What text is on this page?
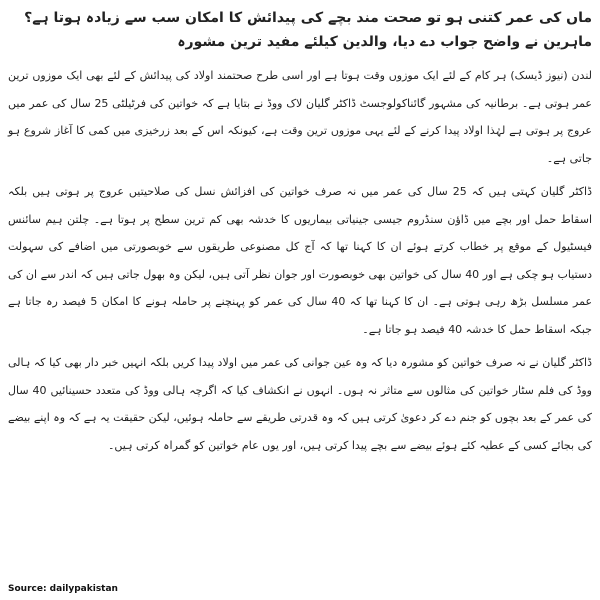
ماں کی عمر کتنی ہو تو صحت مند بچے کی پیدائش کا امکان سب سے زیادہ ہوتا ہے؟ ماہرین نے واضح جواب دے دیا، والدین کیلئے مفید ترین مشورہ

لندن (نیوز ڈیسک) ہر کام کے لئے ایک موزوں وقت ہوتا ہے اور اسی طرح صحتمند اولاد کی پیدائش کے لئے بھی ایک موزوں ترین عمر ہوتی ہے۔ برطانیہ کی مشہور گائناکولوجسٹ ڈاکٹر گلیان لاک ووڈ نے بتایا ہے کہ خواتین کی فرٹیلٹی 25 سال کی عمر میں عروج پر ہوتی ہے لہٰذا اولاد پیدا کرنے کے لئے یہی موزوں ترین وقت ہے، کیونکہ اس کے بعد زرخیزی میں کمی کا آغاز شروع ہو جاتی ہے۔

ڈاکٹر گلیان کہتی ہیں کہ 25 سال کی عمر میں نہ صرف خواتین کی افزائش نسل کی صلاحیتیں عروج پر ہوتی ہیں بلکہ اسقاط حمل اور بچے میں ڈاؤن سنڈروم جیسی جینیاتی بیماریوں کا خدشہ بھی کم ترین سطح پر ہوتا ہے۔ چلتن ہیم سائنس فیسٹیول کے موقع پر خطاب کرتے ہوئے ان کا کہنا تھا کہ آج کل مصنوعی طریقوں سے خوبصورتی میں اضافے کی سہولت دستیاب ہو چکی ہے اور 40 سال کی خواتین بھی خوبصورت اور جوان نظر آتی ہیں، لیکن وہ بھول جاتی ہیں کہ اندر سے ان کی عمر مسلسل بڑھ رہی ہوتی ہے۔ ان کا کہنا تھا کہ 40 سال کی عمر کو پہنچنے پر حاملہ ہونے کا امکان 5 فیصد رہ جاتا ہے جبکہ اسقاط حمل کا خدشہ 40 فیصد ہو جاتا ہے۔

ڈاکٹر گلیان نے نہ صرف خواتین کو مشورہ دیا کہ وہ عین جوانی کی عمر میں اولاد پیدا کریں بلکہ انہیں خبر دار بھی کیا کہ ہالی ووڈ کی فلم سٹار خواتین کی مثالوں سے متاثر نہ ہوں۔ انہوں نے انکشاف کیا کہ اگرچہ ہالی ووڈ کی متعدد حسینائیں 40 سال کی عمر کے بعد بچوں کو جنم دے کر دعویٰ کرتی ہیں کہ وہ قدرتی طریقے سے حاملہ ہوئیں، لیکن حقیقت یہ ہے کہ وہ اپنے بیضے کی بجائے کسی کے عطیہ کئے ہوئے بیضے سے بچے پیدا کرتی ہیں، اور یوں عام خواتین کو گمراہ کرتی ہیں۔

Source: dailypakistan
